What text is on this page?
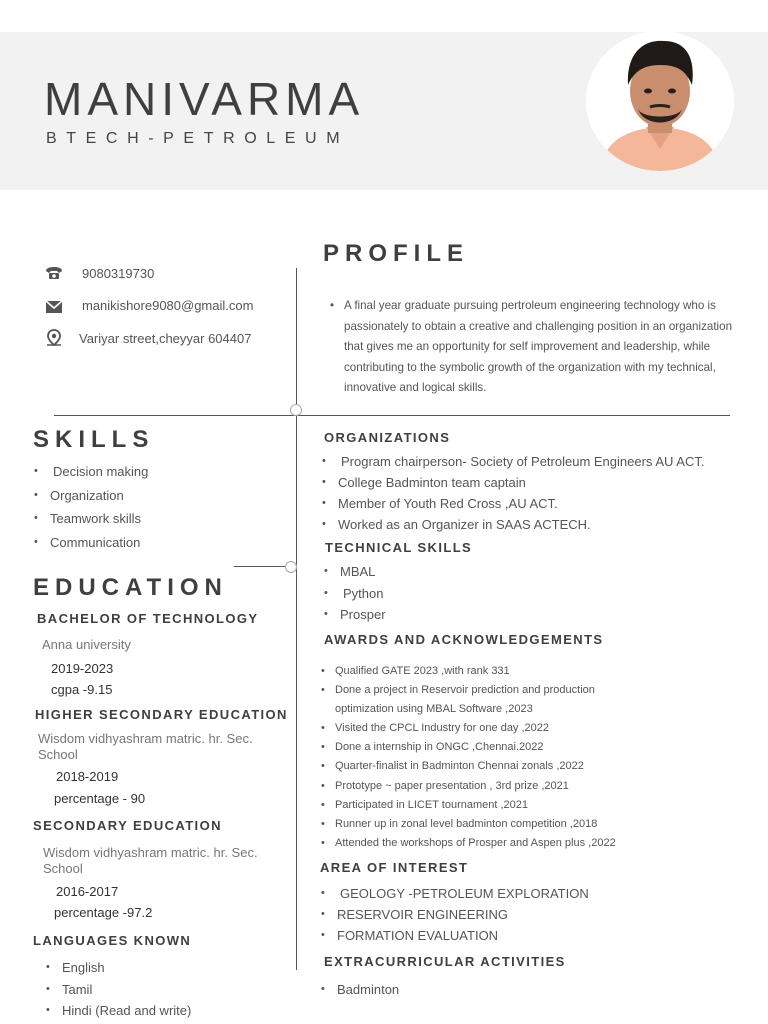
MANIVARMA
BTECH-PETROLEUM
9080319730
manikishore9080@gmail.com
Variyar street,cheyyar 604407
PROFILE
• A final year graduate pursuing pertroleum engineering technology who is passionately to obtain a creative and challenging position in an organization that gives me an opportunity for self improvement and leadership, while contributing to the symbolic growth of the organization with my technical, innovative and logical skills.

SKILLS
• Decision making
• Organization
• Teamwork skills
• Communication
EDUCATION
BACHELOR OF TECHNOLOGY
Anna university
2019-2023
cgpa -9.15
HIGHER SECONDARY EDUCATION
Wisdom vidhyashram matric. hr. Sec.
School
2018-2019
percentage - 90
SECONDARY EDUCATION
Wisdom vidhyashram matric. hr. Sec.
School
2016-2017
percentage -97.2
LANGUAGES KNOWN
• English
• Tamil
• Hindi (Read and write)
ORGANIZATIONS
• Program chairperson- Society of Petroleum Engineers AU ACT.
• College Badminton team captain
• Member of Youth Red Cross ,AU ACT.
• Worked as an Organizer in SAAS ACTECH.
TECHNICAL SKILLS
• MBAL
• Python
• Prosper
AWARDS AND ACKNOWLEDGEMENTS
• Qualified GATE 2023 ,with rank 331
• Done a project in Reservoir prediction and production
optimization using MBAL Software ,2023
• Visited the CPCL Industry for one day ,2022
• Done a internship in ONGC ,Chennai.2022
• Quarter-finalist in Badminton Chennai zonals ,2022
• Prototype ~ paper presentation , 3rd prize ,2021
• Participated in LICET tournament ,2021
• Runner up in zonal level badminton competition ,2018
• Attended the workshops of Prosper and Aspen plus ,2022
AREA OF INTEREST
• GEOLOGY -PETROLEUM EXPLORATION
• RESERVOIR ENGINEERING
• FORMATION EVALUATION
EXTRACURRICULAR ACTIVITIES
• Badminton
